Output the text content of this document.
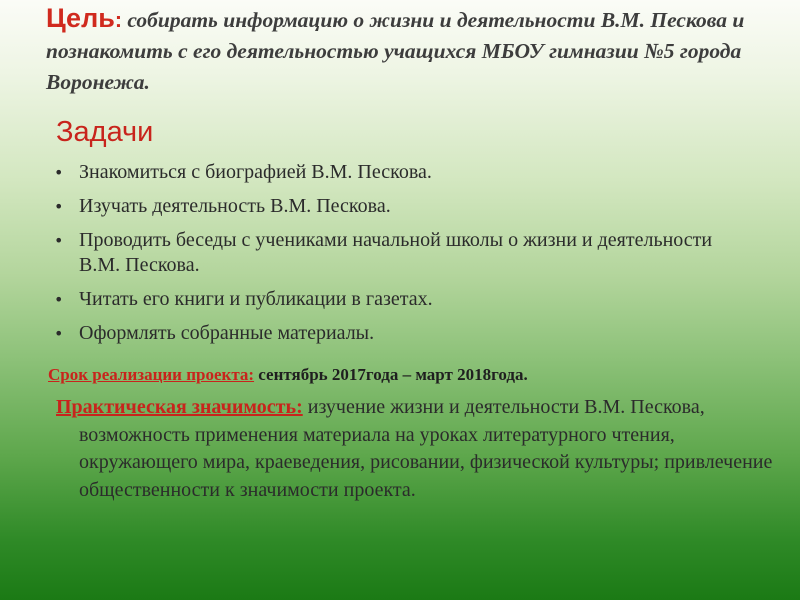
Цель: собирать информацию о жизни и деятельности В.М. Пескова и познакомить с его деятельностью учащихся МБОУ гимназии №5 города Воронежа.

Задачи
• Знакомиться с биографией В.М. Пескова.
• Изучать деятельность В.М. Пескова.
• Проводить беседы с учениками начальной школы о жизни и деятельности В.М. Пескова.
• Читать его книги и публикации в газетах.
• Оформлять собранные материалы.

Срок реализации проекта: сентябрь 2017года – март 2018года.

Практическая значимость: изучение жизни и деятельности В.М. Пескова, возможность применения материала на уроках литературного чтения, окружающего мира, краеведения, рисовании, физической культуры; привлечение общественности к значимости проекта.
